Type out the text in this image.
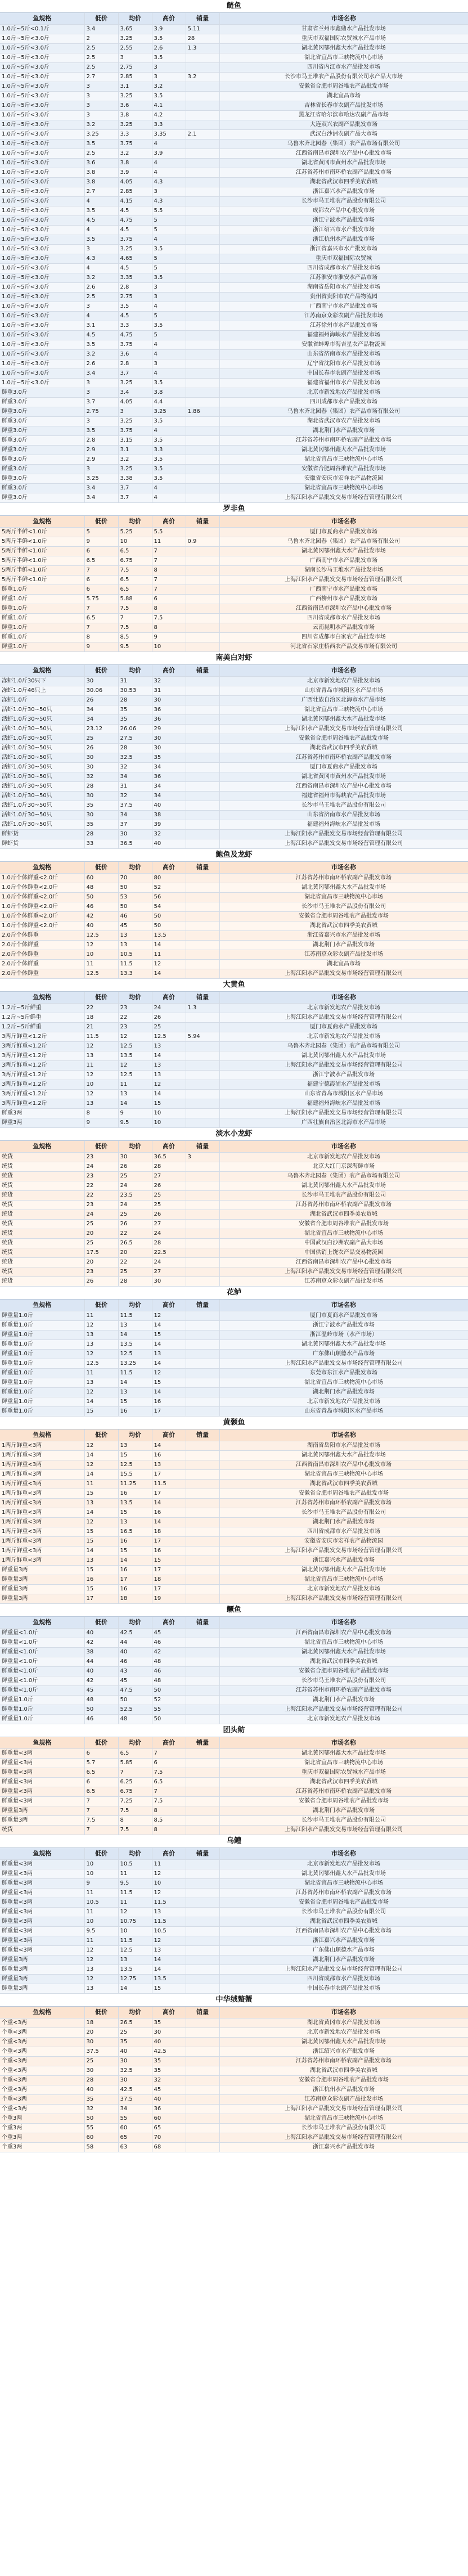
鲢鱼
鱼规格	低价	均价	高价	销量	市场名称
1.0斤~5斤<0.1斤	3.4	3.65	3.9	5.11	甘肃省兰州市鑫鼎水产品批发市场
1.0斤~5斤<3.0斤	2	3.25	3.5	28	重庆市双福国际农贸城水产品市场
1.0斤~5斤<3.0斤	2.5	2.55	2.6	1.3	湖北黄冈鄂州鑫大水产品批发市场
1.0斤~5斤<3.0斤	2.5	3	3.5		湖北省宜昌市三峡物流中心市场
1.0斤~5斤<3.0斤	2.5	2.75	3		四川省内江市水产品批发市场
1.0斤~5斤<3.0斤	2.7	2.85	3	3.2	长沙市马王堆农产品股份有限公司水产品大市场
1.0斤~5斤<3.0斤	3	3.1	3.2		安徽省合肥市周谷堆农产品批发市场
1.0斤~5斤<3.0斤	3	3.25	3.5		湖北宜昌市场
1.0斤~5斤<3.0斤	3	3.6	4.1		吉林省长春市农副产品批发市场
1.0斤~5斤<3.0斤	3	3.8	4.2		黑龙江省哈尔滨市哈达农副产品市场
1.0斤~5斤<3.0斤	3.2	3.25	3.3		大连双兴农副产品批发市场
1.0斤~5斤<3.0斤	3.25	3.3	3.35	2.1	武汉白沙洲农副产品大市场
1.0斤~5斤<3.0斤	3.5	3.75	4		乌鲁木齐北园春（集团）农产品市场有限公司
1.0斤~5斤<3.0斤	2.5	3.2	3.9		江西省南昌市深圳农产品中心批发市场
1.0斤~5斤<3.0斤	3.6	3.8	4		湖北省黄冈市黄州水产品批发市场
1.0斤~5斤<3.0斤	3.8	3.9	4		江苏省苏州市南环桥农副产品批发市场
1.0斤~5斤<3.0斤	3.8	4.05	4.3		湖北省武汉市四季美农贸城
1.0斤~5斤<3.0斤	2.7	2.85	3		浙江嘉兴水产品批发市场
1.0斤~5斤<3.0斤	4	4.15	4.3		长沙市马王堆农产品股份有限公司
1.0斤~5斤<3.0斤	3.5	4.5	5.5		成都农产品中心批发市场
1.0斤~5斤<3.0斤	4.5	4.75	5		浙江宁波水产品批发市场
1.0斤~5斤<3.0斤	4	4.5	5		浙江绍兴市水产批发市场
1.0斤~5斤<3.0斤	3.5	3.75	4		浙江杭州水产品批发市场
1.0斤~5斤<3.0斤	3	3.25	3.5		浙江省嘉兴市水产批发市场
1.0斤~5斤<3.0斤	4.3	4.65	5		重庆市双福国际农贸城
1.0斤~5斤<3.0斤	4	4.5	5		四川省成都市水产品批发市场
1.0斤~5斤<3.0斤	3.2	3.35	3.5		江苏淮安市淮安水产品市场
1.0斤~5斤<3.0斤	2.6	2.8	3		湖南省岳阳市水产品批发市场
1.0斤~5斤<3.0斤	2.5	2.75	3		贵州省贵阳市农产品物流园
1.0斤~5斤<3.0斤	3	3.5	4		广西南宁市水产品批发市场
1.0斤~5斤<3.0斤	4	4.5	5		江苏南京众彩农副产品批发市场
1.0斤~5斤<3.0斤	3.1	3.3	3.5		江苏徐州市水产品批发市场
1.0斤~5斤<3.0斤	4.5	4.75	5		福建福州海峡水产品批发市场
1.0斤~5斤<3.0斤	3.5	3.75	4		安徽省蚌埠市海吉星农产品物流园
1.0斤~5斤<3.0斤	3.2	3.6	4		山东省济南市水产品批发市场
1.0斤~5斤<3.0斤	2.6	2.8	3		辽宁省沈阳市水产品批发市场
1.0斤~5斤<3.0斤	3.4	3.7	4		中国长春市农副产品批发市场
1.0斤~5斤<3.0斤	3	3.25	3.5		福建省福州市水产品批发市场
鲜重3.0斤	3	3.4	3.8		北京市新发地农产品批发市场
鲜重3.0斤	3.7	4.05	4.4		四川成都市水产品批发市场
鲜重3.0斤	2.75	3	3.25	1.86	乌鲁木齐北园春（集团）农产品市场有限公司
鲜重3.0斤	3	3.25	3.5		湖北省武汉市农产品批发市场
鲜重3.0斤	3.5	3.75	4		湖北荆门水产品批发市场
鲜重3.0斤	2.8	3.15	3.5		江苏省苏州市南环桥农副产品批发市场
鲜重3.0斤	2.9	3.1	3.3		湖北黄冈鄂州鑫大水产品批发市场
鲜重3.0斤	2.9	3.2	3.5		湖北省宜昌市三峡物流中心市场
鲜重3.0斤	3	3.25	3.5		安徽省合肥周谷堆农产品批发市场
鲜重3.0斤	3.25	3.38	3.5		安徽省安庆市宏祥农产品物流园
鲜重3.0斤	3.4	3.7	4		湖北省宜昌市三峡物流中心市场
鲜重3.0斤	3.4	3.7	4		上海江阳水产品批发交易市场经营管理有限公司
罗非鱼
鱼规格	低价	均价	高价	销量	市场名称
5两斤半鲜<1.0斤	5	5.25	5.5		厦门市夏商水产品批发市场
5两斤半鲜<1.0斤	9	10	11	0.9	乌鲁木齐北园春（集团）农产品市场有限公司
5两斤半鲜<1.0斤	6	6.5	7		湖北黄冈鄂州鑫大水产品批发市场
5两斤半鲜<1.0斤	6.5	6.75	7		广西南宁市水产品批发市场
5两斤半鲜<1.0斤	7	7.5	8		湖南长沙马王堆水产品批发市场
5两斤半鲜<1.0斤	6	6.5	7		上海江阳水产品批发交易市场经营管理有限公司
鲜重1.0斤	6	6.5	7		广西南宁市水产品批发市场
鲜重1.0斤	5.75	5.88	6		广西柳州市水产品批发市场
鲜重1.0斤	7	7.5	8		江西省南昌市深圳农产品中心批发市场
鲜重1.0斤	6.5	7	7.5		四川省成都市水产品批发市场
鲜重1.0斤	7	7.5	8		云南昆明水产品批发市场
鲜重1.0斤	8	8.5	9		四川省成都市白家农产品批发市场
鲜重1.0斤	9	9.5	10		河北省石家庄桥西农产品交易市场有限公司
南美白对虾
鱼规格	低价	均价	高价	销量	市场名称
冻虾1.0斤30只下	30	31	32		北京市新发地农产品批发市场
冻虾1.0斤46只上	30.06	30.53	31		山东省青岛市城阳区水产品市场
冻虾1.0斤	26	28	30		广西壮族自治区北海市水产品市场
活虾1.0斤30~50只	34	35	36		湖北省宜昌市三峡物流中心市场
活虾1.0斤30~50只	34	35	36		湖北黄冈鄂州鑫大水产品批发市场
活虾1.0斤30~50只	23.12	26.06	29		上海江阳水产品批发交易市场经营管理有限公司
活虾1.0斤30~50只	25	27.5	30		安徽省合肥市周谷堆农产品批发市场
活虾1.0斤30~50只	26	28	30		湖北省武汉市四季美农贸城
活虾1.0斤30~50只	30	32.5	35		江苏省苏州市南环桥农副产品批发市场
活虾1.0斤30~50只	30	32	34		厦门市夏商水产品批发市场
活虾1.0斤30~50只	32	34	36		湖北省黄冈市黄州水产品批发市场
活虾1.0斤30~50只	28	31	34		江西省南昌市深圳农产品中心批发市场
活虾1.0斤30~50只	30	32	34		福建省福州市海峡农产品批发市场
活虾1.0斤30~50只	35	37.5	40		长沙市马王堆农产品股份有限公司
活虾1.0斤30~50只	30	34	38		山东省济南市水产品批发市场
活虾1.0斤30~50只	35	37	39		福建福州海峡水产品批发市场
鲜虾货	28	30	32		上海江阳水产品批发交易市场经营管理有限公司
鲜虾货	33	36.5	40		上海江阳水产品批发交易市场经营管理有限公司
鲍鱼及龙虾
鱼规格	低价	均价	高价	销量	市场名称
1.0斤个体鲜重<2.0斤	60	70	80		江苏省苏州市南环桥农副产品批发市场
1.0斤个体鲜重<2.0斤	48	50	52		湖北黄冈鄂州鑫大水产品批发市场
1.0斤个体鲜重<2.0斤	50	53	56		湖北省宜昌市三峡物流中心市场
1.0斤个体鲜重<2.0斤	46	50	54		长沙市马王堆农产品股份有限公司
1.0斤个体鲜重<2.0斤	42	46	50		安徽省合肥市周谷堆农产品批发市场
1.0斤个体鲜重<2.0斤	40	45	50		湖北省武汉市四季美农贸城
2.0斤个体鲜重	12.5	13	13.5		浙江省嘉兴市水产品批发市场
2.0斤个体鲜重	12	13	14		湖北荆门水产品批发市场
2.0斤个体鲜重	10	10.5	11		江苏南京众彩农副产品批发市场
2.0斤个体鲜重	11	11.5	12		湖北宜昌市场
2.0斤个体鲜重	12.5	13.3	14		上海江阳水产品批发交易市场经营管理有限公司
大黄鱼
鱼规格	低价	均价	高价	销量	市场名称
1.2斤~5斤鲜重	22	23	24	1.3	北京市新发地农产品批发市场
1.2斤~5斤鲜重	18	22	26		上海江阳水产品批发交易市场经营管理有限公司
1.2斤~5斤鲜重	21	23	25		厦门市夏商水产品批发市场
3两斤鲜重<1.2斤	11.5	12	12.5	5.94	北京市新发地农产品批发市场
3两斤鲜重<1.2斤	12	12.5	13		乌鲁木齐北园春（集团）农产品市场有限公司
3两斤鲜重<1.2斤	13	13.5	14		湖北黄冈鄂州鑫大水产品批发市场
3两斤鲜重<1.2斤	11	12	13		上海江阳水产品批发交易市场经营管理有限公司
3两斤鲜重<1.2斤	12	12.5	13		浙江宁波水产品批发市场
3两斤鲜重<1.2斤	10	11	12		福建宁德霞浦水产品批发市场
3两斤鲜重<1.2斤	12	13	14		山东省青岛市城阳区水产品市场
3两斤鲜重<1.2斤	13	14	15		福建福州海峡水产品批发市场
鲜重3两	8	9	10		上海江阳水产品批发交易市场经营管理有限公司
鲜重3两	9	9.5	10		广西壮族自治区北海市水产品市场
淡水小龙虾
鱼规格	低价	均价	高价	销量	市场名称
统货	23	30	36.5	3	北京市新发地农产品批发市场
统货	24	26	28		北京大红门京深海鲜市场
统货	23	25	27		乌鲁木齐北园春（集团）农产品市场有限公司
统货	22	24	26		湖北黄冈鄂州鑫大水产品批发市场
统货	22	23.5	25		长沙市马王堆农产品股份有限公司
统货	23	24	25		江苏省苏州市南环桥农副产品批发市场
统货	24	25	26		湖北省武汉市四季美农贸城
统货	25	26	27		安徽省合肥市周谷堆农产品批发市场
统货	20	22	24		湖北省宜昌市三峡物流中心市场
统货	25	26.5	28		中国武汉白沙洲农副产品大市场
统货	17.5	20	22.5		中国供销上饶农产品交易物流园
统货	20	22	24		江西省南昌市深圳农产品中心批发市场
统货	23	25	27		上海江阳水产品批发交易市场经营管理有限公司
统货	26	28	30		江苏南京众彩农副产品批发市场
花鲈
鱼规格	低价	均价	高价	销量	市场名称
鲜重量1.0斤	11	11.5	12		厦门市夏商水产品批发市场
鲜重量1.0斤	12	13	14		浙江宁波水产品批发市场
鲜重量1.0斤	13	14	15		浙江温岭市场（水产市场）
鲜重量1.0斤	13	13.5	14		湖北黄冈鄂州鑫大水产品批发市场
鲜重量1.0斤	12	12.5	13		广东佛山顺德水产品市场
鲜重量1.0斤	12.5	13.25	14		上海江阳水产品批发交易市场经营管理有限公司
鲜重量1.0斤	11	11.5	12		东莞市东江水产品批发市场
鲜重量1.0斤	13	14	15		湖北省宜昌市三峡物流中心市场
鲜重量1.0斤	12	13	14		湖北荆门水产品批发市场
鲜重量1.0斤	14	15	16		北京市新发地农产品批发市场
鲜重量1.0斤	15	16	17		山东省青岛市城阳区水产品市场
黄颡鱼
鱼规格	低价	均价	高价	销量	市场名称
1两斤鲜重<3两	12	13	14		湖南省岳阳市水产品批发市场
1两斤鲜重<3两	14	15	16		湖北黄冈鄂州鑫大水产品批发市场
1两斤鲜重<3两	12	12.5	13		江西省南昌市深圳农产品中心批发市场
1两斤鲜重<3两	14	15.5	17		湖北省宜昌市三峡物流中心市场
1两斤鲜重<3两	11	11.25	11.5		湖北省武汉市四季美农贸城
1两斤鲜重<3两	15	16	17		安徽省合肥市周谷堆农产品批发市场
1两斤鲜重<3两	13	13.5	14		江苏省苏州市南环桥农副产品批发市场
1两斤鲜重<3两	14	15	16		长沙市马王堆农产品股份有限公司
1两斤鲜重<3两	12	13	14		湖北荆门水产品批发市场
1两斤鲜重<3两	15	16.5	18		四川省成都市水产品批发市场
1两斤鲜重<3两	15	16	17		安徽省安庆市宏祥农产品物流园
1两斤鲜重<3两	14	15	16		上海江阳水产品批发交易市场经营管理有限公司
1两斤鲜重<3两	13	14	15		浙江嘉兴水产品批发市场
鲜重量3两	15	16	17		湖北黄冈鄂州鑫大水产品批发市场
鲜重量3两	16	17	18		湖北省宜昌市三峡物流中心市场
鲜重量3两	15	16	17		北京市新发地农产品批发市场
鲜重量3两	17	18	19		上海江阳水产品批发交易市场经营管理有限公司
鳜鱼
鱼规格	低价	均价	高价	销量	市场名称
鲜重量<1.0斤	40	42.5	45		江西省南昌市深圳农产品中心批发市场
鲜重量<1.0斤	42	44	46		湖北省宜昌市三峡物流中心市场
鲜重量<1.0斤	38	40	42		湖北黄冈鄂州鑫大水产品批发市场
鲜重量<1.0斤	44	46	48		湖北省武汉市四季美农贸城
鲜重量<1.0斤	40	43	46		安徽省合肥市周谷堆农产品批发市场
鲜重量<1.0斤	42	45	48		长沙市马王堆农产品股份有限公司
鲜重量<1.0斤	45	47.5	50		江苏省苏州市南环桥农副产品批发市场
鲜重量1.0斤	48	50	52		湖北荆门水产品批发市场
鲜重量1.0斤	50	52.5	55		上海江阳水产品批发交易市场经营管理有限公司
鲜重量1.0斤	46	48	50		北京市新发地农产品批发市场
团头鲂
鱼规格	低价	均价	高价	销量	市场名称
鲜重量<3两	6	6.5	7		湖北黄冈鄂州鑫大水产品批发市场
鲜重量<3两	5.7	5.85	6		湖北省宜昌市三峡物流中心市场
鲜重量<3两	6.5	7	7.5		重庆市双福国际农贸城水产品市场
鲜重量<3两	6	6.25	6.5		湖北省武汉市四季美农贸城
鲜重量<3两	6.5	6.75	7		江苏省苏州市南环桥农副产品批发市场
鲜重量<3两	7	7.25	7.5		安徽省合肥市周谷堆农产品批发市场
鲜重量3两	7	7.5	8		湖北荆门水产品批发市场
鲜重量3两	7.5	8	8.5		长沙市马王堆农产品股份有限公司
统货	7	7.5	8		上海江阳水产品批发交易市场经营管理有限公司
乌鳢
鱼规格	低价	均价	高价	销量	市场名称
鲜重量<3两	10	10.5	11		北京市新发地农产品批发市场
鲜重量<3两	10	11	12		湖北黄冈鄂州鑫大水产品批发市场
鲜重量<3两	9	9.5	10		湖北省宜昌市三峡物流中心市场
鲜重量<3两	11	11.5	12		江苏省苏州市南环桥农副产品批发市场
鲜重量<3两	10.5	11	11.5		安徽省合肥市周谷堆农产品批发市场
鲜重量<3两	11	12	13		长沙市马王堆农产品股份有限公司
鲜重量<3两	10	10.75	11.5		湖北省武汉市四季美农贸城
鲜重量<3两	9.5	10	10.5		江西省南昌市深圳农产品中心批发市场
鲜重量<3两	11	11.5	12		浙江嘉兴水产品批发市场
鲜重量<3两	12	12.5	13		广东佛山顺德水产品市场
鲜重量3两	12	13	14		湖北荆门水产品批发市场
鲜重量3两	13	13.5	14		上海江阳水产品批发交易市场经营管理有限公司
鲜重量3两	12	12.75	13.5		四川省成都市水产品批发市场
鲜重量3两	13	14	15		中国长春市农副产品批发市场
中华绒螯蟹
鱼规格	低价	均价	高价	销量	市场名称
个重<3两	18	26.5	35		湖北省黄冈市水产品批发市场
个重<3两	20	25	30		北京市新发地农产品批发市场
个重<3两	30	35	40		湖北黄冈鄂州鑫大水产品批发市场
个重<3两	37.5	40	42.5		浙江绍兴市水产批发市场
个重<3两	25	30	35		江苏省苏州市南环桥农副产品批发市场
个重<3两	30	32.5	35		湖北省武汉市四季美农贸城
个重<3两	28	30	32		安徽省合肥市周谷堆农产品批发市场
个重<3两	40	42.5	45		浙江杭州水产品批发市场
个重<3两	35	37.5	40		江苏南京众彩农副产品批发市场
个重<3两	32	34	36		上海江阳水产品批发交易市场经营管理有限公司
个重3两	50	55	60		湖北省宜昌市三峡物流中心市场
个重3两	55	60	65		长沙市马王堆农产品股份有限公司
个重3两	60	65	70		上海江阳水产品批发交易市场经营管理有限公司
个重3两	58	63	68		浙江嘉兴水产品批发市场
